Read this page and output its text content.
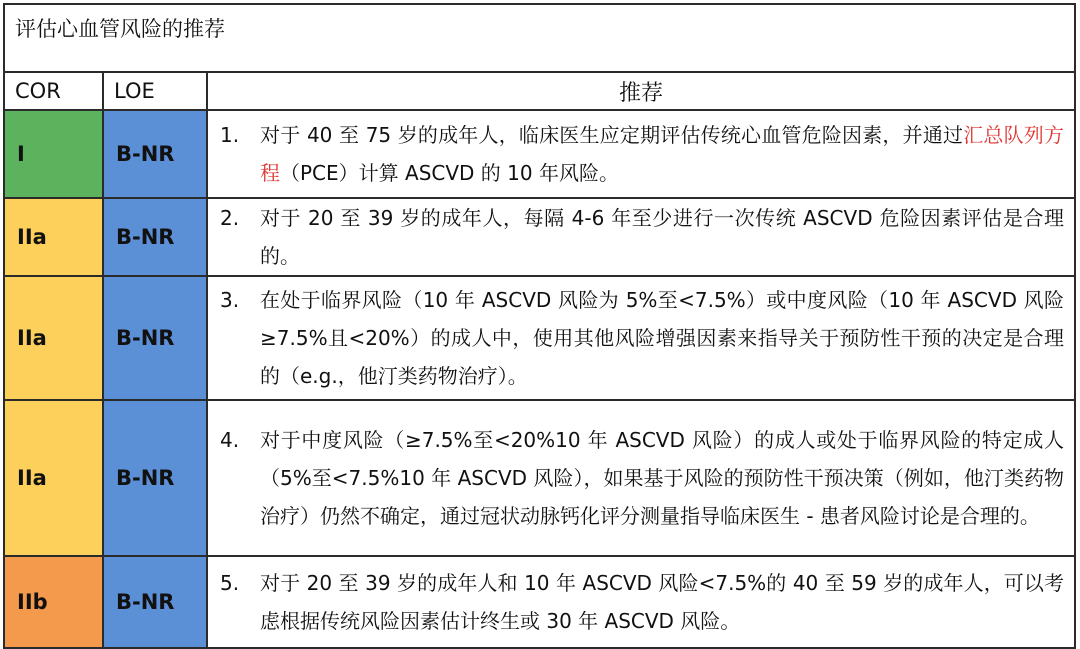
评估心血管风险的推荐		
COR	LOE	推荐
I	B-NR	1. 对于 40 至 75 岁的成年人，临床医生应定期评估传统心血管危险因素，并通过汇总队列方程（PCE）计算 ASCVD 的 10 年风险。

IIa	B-NR	2. 对于 20 至 39 岁的成年人，每隔 4-6 年至少进行一次传统 ASCVD 危险因素评估是合理的。

IIa	B-NR	3. 在处于临界风险（10 年 ASCVD 风险为 5%至<7.5%）或中度风险（10 年 ASCVD 风险≥7.5%且<20%）的成人中，使用其他风险增强因素来指导关于预防性干预的决定是合理的（e.g.，他汀类药物治疗）。

IIa	B-NR	4. 对于中度风险（≥7.5%至<20%10 年 ASCVD 风险）的成人或处于临界风险的特定成人（5%至<7.5%10 年 ASCVD 风险），如果基于风险的预防性干预决策（例如，他汀类药物治疗）仍然不确定，通过冠状动脉钙化评分测量指导临床医生 - 患者风险讨论是合理的。

IIb	B-NR	5. 对于 20 至 39 岁的成年人和 10 年 ASCVD 风险<7.5%的 40 至 59 岁的成年人，可以考虑根据传统风险因素估计终生或 30 年 ASCVD 风险。
